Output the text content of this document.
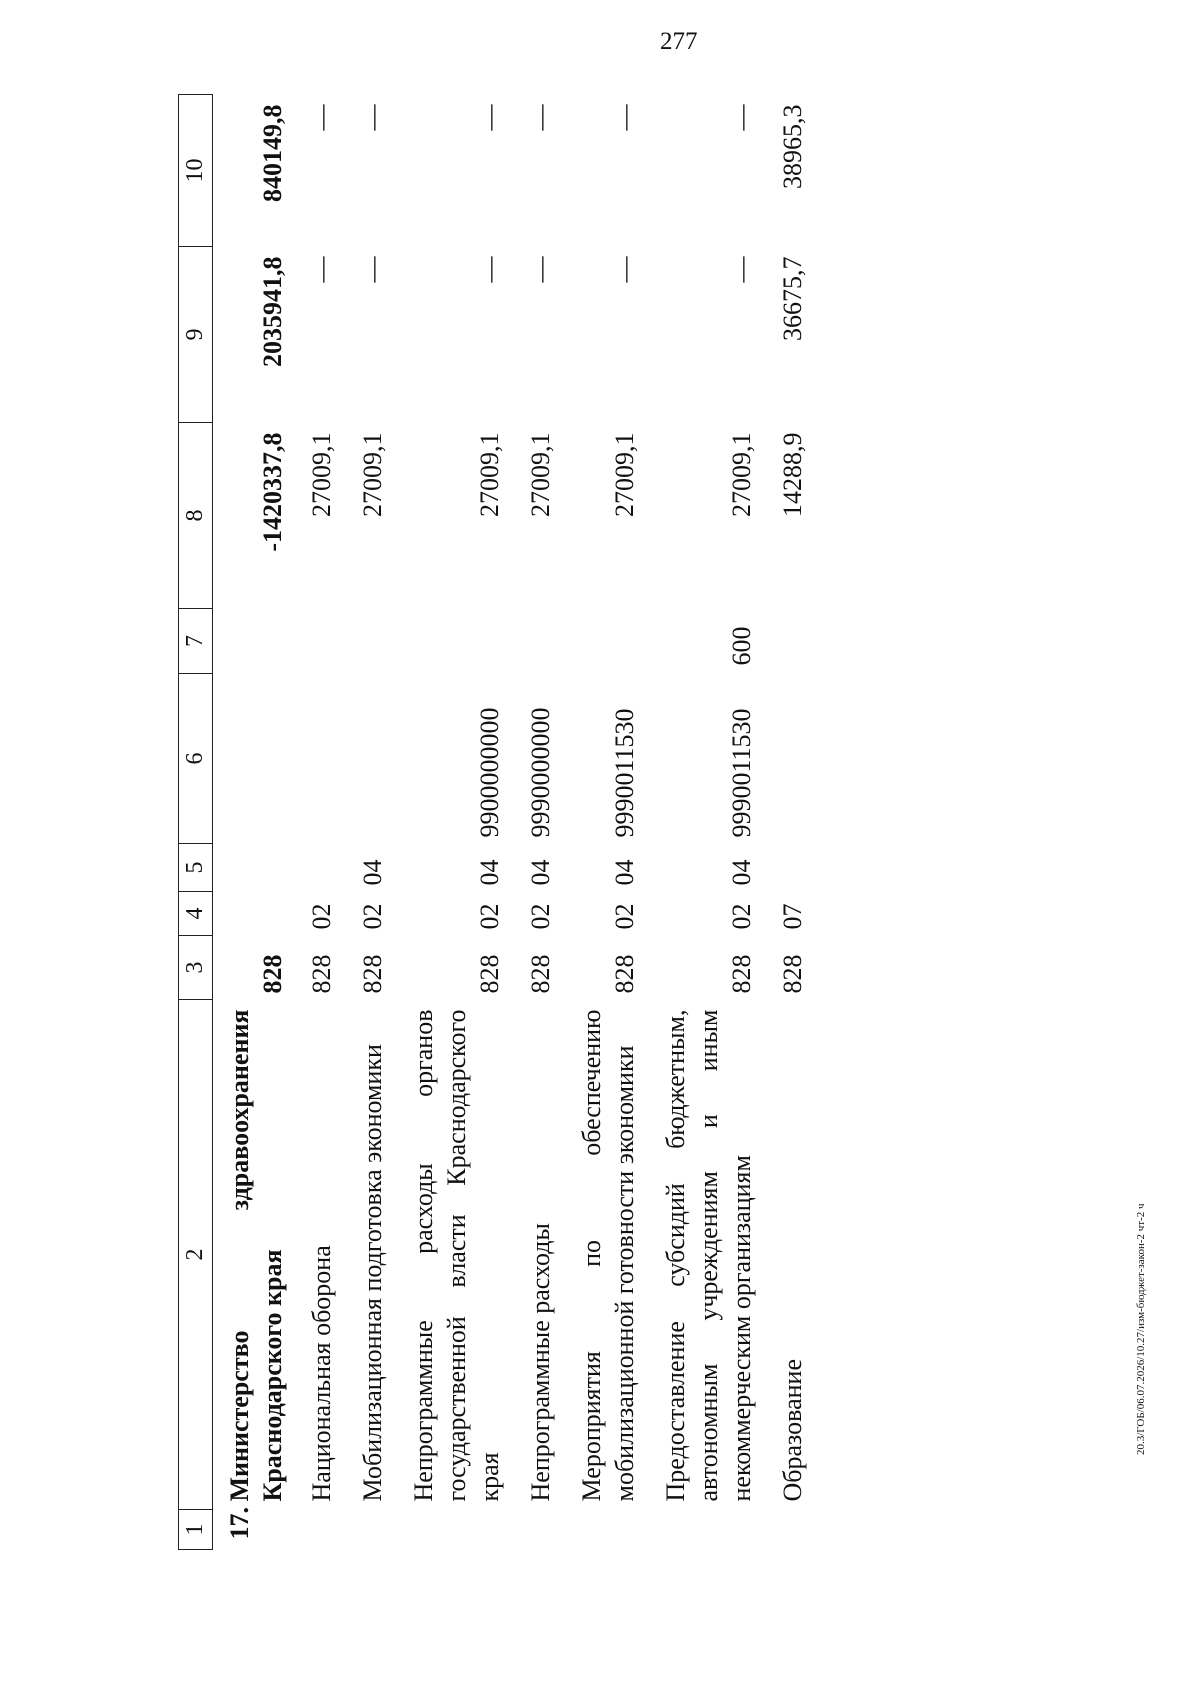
277
20.3/ГОБ/06.07.2026/10.27/изм-бюджет-закон-2 чт-2 ч
1	2	3	4	5	6	7	8	9	10
17.	Министерство здравоохранения Краснодарского края	828					-1420337,8	2035941,8	840149,8
	Национальная оборона	828	02				27009,1	—	—
	Мобилизационная подготовка экономики	828	02	04			27009,1	—	—
	Непрограммные расходы органов государственной власти Краснодарского края	828	02	04	9900000000		27009,1	—	—
	Непрограммные расходы	828	02	04	9990000000		27009,1	—	—
	Мероприятия по обеспечению мобилизационной готовности экономики	828	02	04	9990011530		27009,1	—	—
	Предоставление субсидий бюджетным, автономным учреждениям и иным некоммерческим организациям	828	02	04	9990011530	600	27009,1	—	—
	Образование	828	07				14288,9	36675,7	38965,3
